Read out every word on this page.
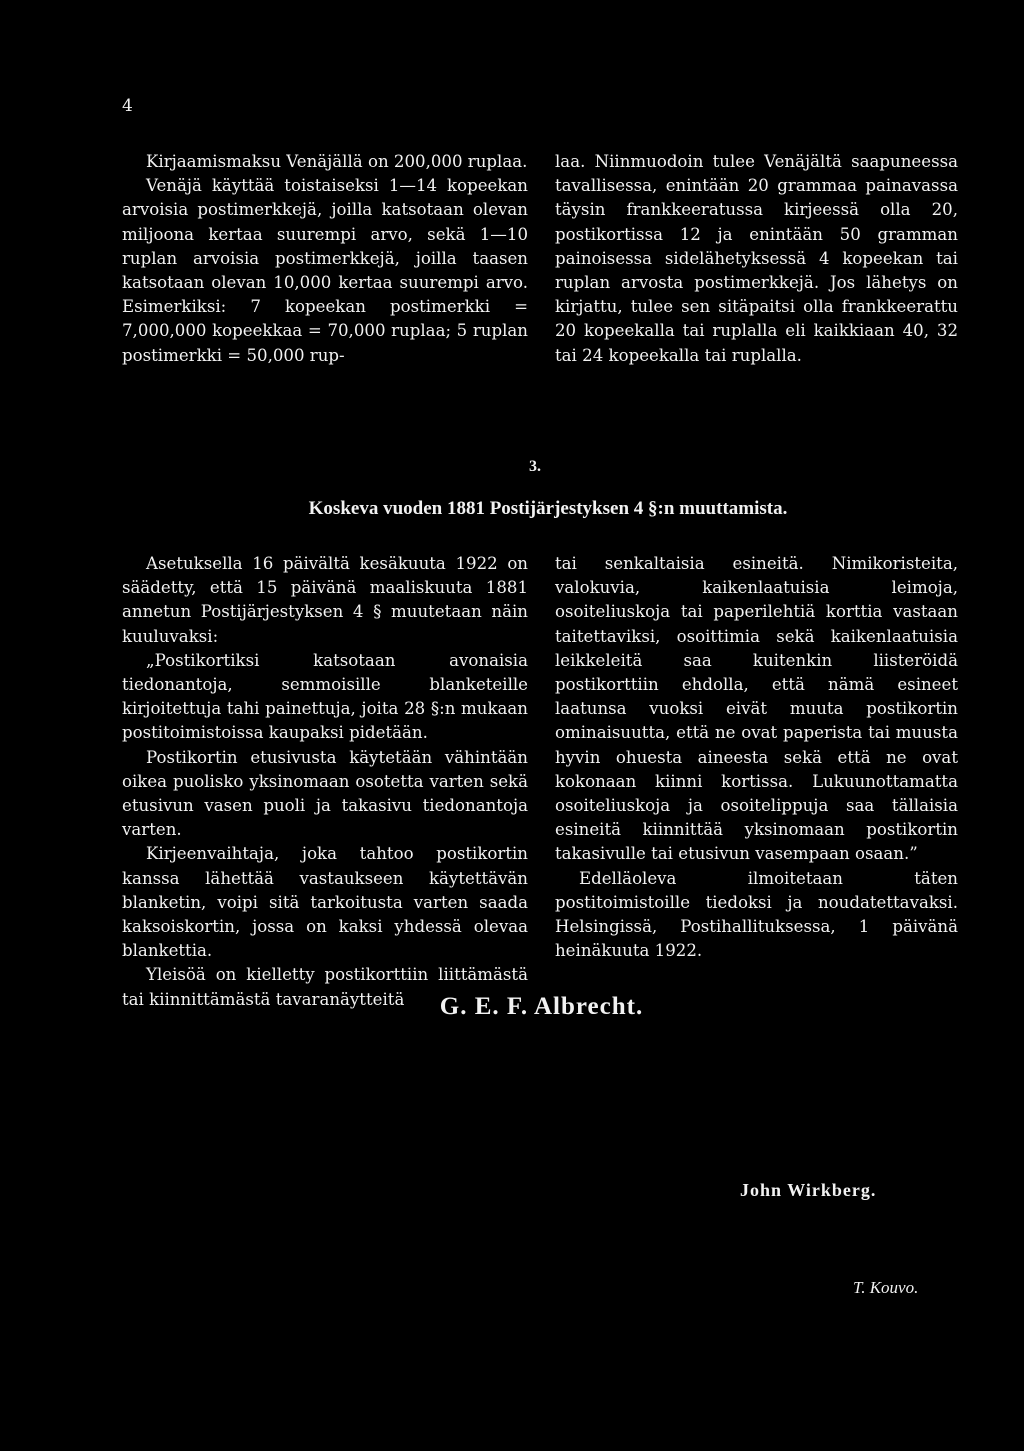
4

Kirjaamismaksu Venäjällä on 200,000 ruplaa.

Venäjä käyttää toistaiseksi 1—14 kopeekan arvoisia postimerkkejä, joilla katsotaan olevan miljoona kertaa suurempi arvo, sekä 1—10 ruplan arvoisia postimerkkejä, joilla taasen katsotaan olevan 10,000 kertaa suurempi arvo. Esimerkiksi: 7 kopeekan postimerkki = 7,000,000 kopeekkaa = 70,000 ruplaa; 5 ruplan postimerkki = 50,000 rup-

laa. Niinmuodoin tulee Venäjältä saapuneessa tavallisessa, enintään 20 grammaa painavassa täysin frankkeeratussa kirjeessä olla 20, postikortissa 12 ja enintään 50 gramman painoisessa sidelähetyksessä 4 kopeekan tai ruplan arvosta postimerkkejä. Jos lähetys on kirjattu, tulee sen sitäpaitsi olla frankkeerattu 20 kopeekalla tai ruplalla eli kaikkiaan 40, 32 tai 24 kopeekalla tai ruplalla.

3.
Koskeva vuoden 1881 Postijärjestyksen 4 §:n muuttamista.

Asetuksella 16 päivältä kesäkuuta 1922 on säädetty, että 15 päivänä maaliskuuta 1881 annetun Postijärjestyksen 4 § muutetaan näin kuuluvaksi:

„Postikortiksi katsotaan avonaisia tiedonantoja, semmoisille blanketeille kirjoitettuja tahi painettuja, joita 28 §:n mukaan postitoimistoissa kaupaksi pidetään.

Postikortin etusivusta käytetään vähintään oikea puolisko yksinomaan osotetta varten sekä etusivun vasen puoli ja takasivu tiedonantoja varten.

Kirjeenvaihtaja, joka tahtoo postikortin kanssa lähettää vastaukseen käytettävän blanketin, voipi sitä tarkoitusta varten saada kaksoiskortin, jossa on kaksi yhdessä olevaa blankettia.

Yleisöä on kielletty postikorttiin liittämästä tai kiinnittämästä tavaranäytteitä

tai senkaltaisia esineitä. Nimikoristeita, valokuvia, kaikenlaatuisia leimoja, osoiteliuskoja tai paperilehtiä korttia vastaan taitettaviksi, osoittimia sekä kaikenlaatuisia leikkeleitä saa kuitenkin liisteröidä postikorttiin ehdolla, että nämä esineet laatunsa vuoksi eivät muuta postikortin ominaisuutta, että ne ovat paperista tai muusta hyvin ohuesta aineesta sekä että ne ovat kokonaan kiinni kortissa. Lukuunottamatta osoiteliuskoja ja osoitelippuja saa tällaisia esineitä kiinnittää yksinomaan postikortin takasivulle tai etusivun vasempaan osaan.”

Edelläoleva ilmoitetaan täten postitoimistoille tiedoksi ja noudatettavaksi. Helsingissä, Postihallituksessa, 1 päivänä heinäkuuta 1922.

G. E. F. Albrecht.
John Wirkberg.
T. Kouvo.
